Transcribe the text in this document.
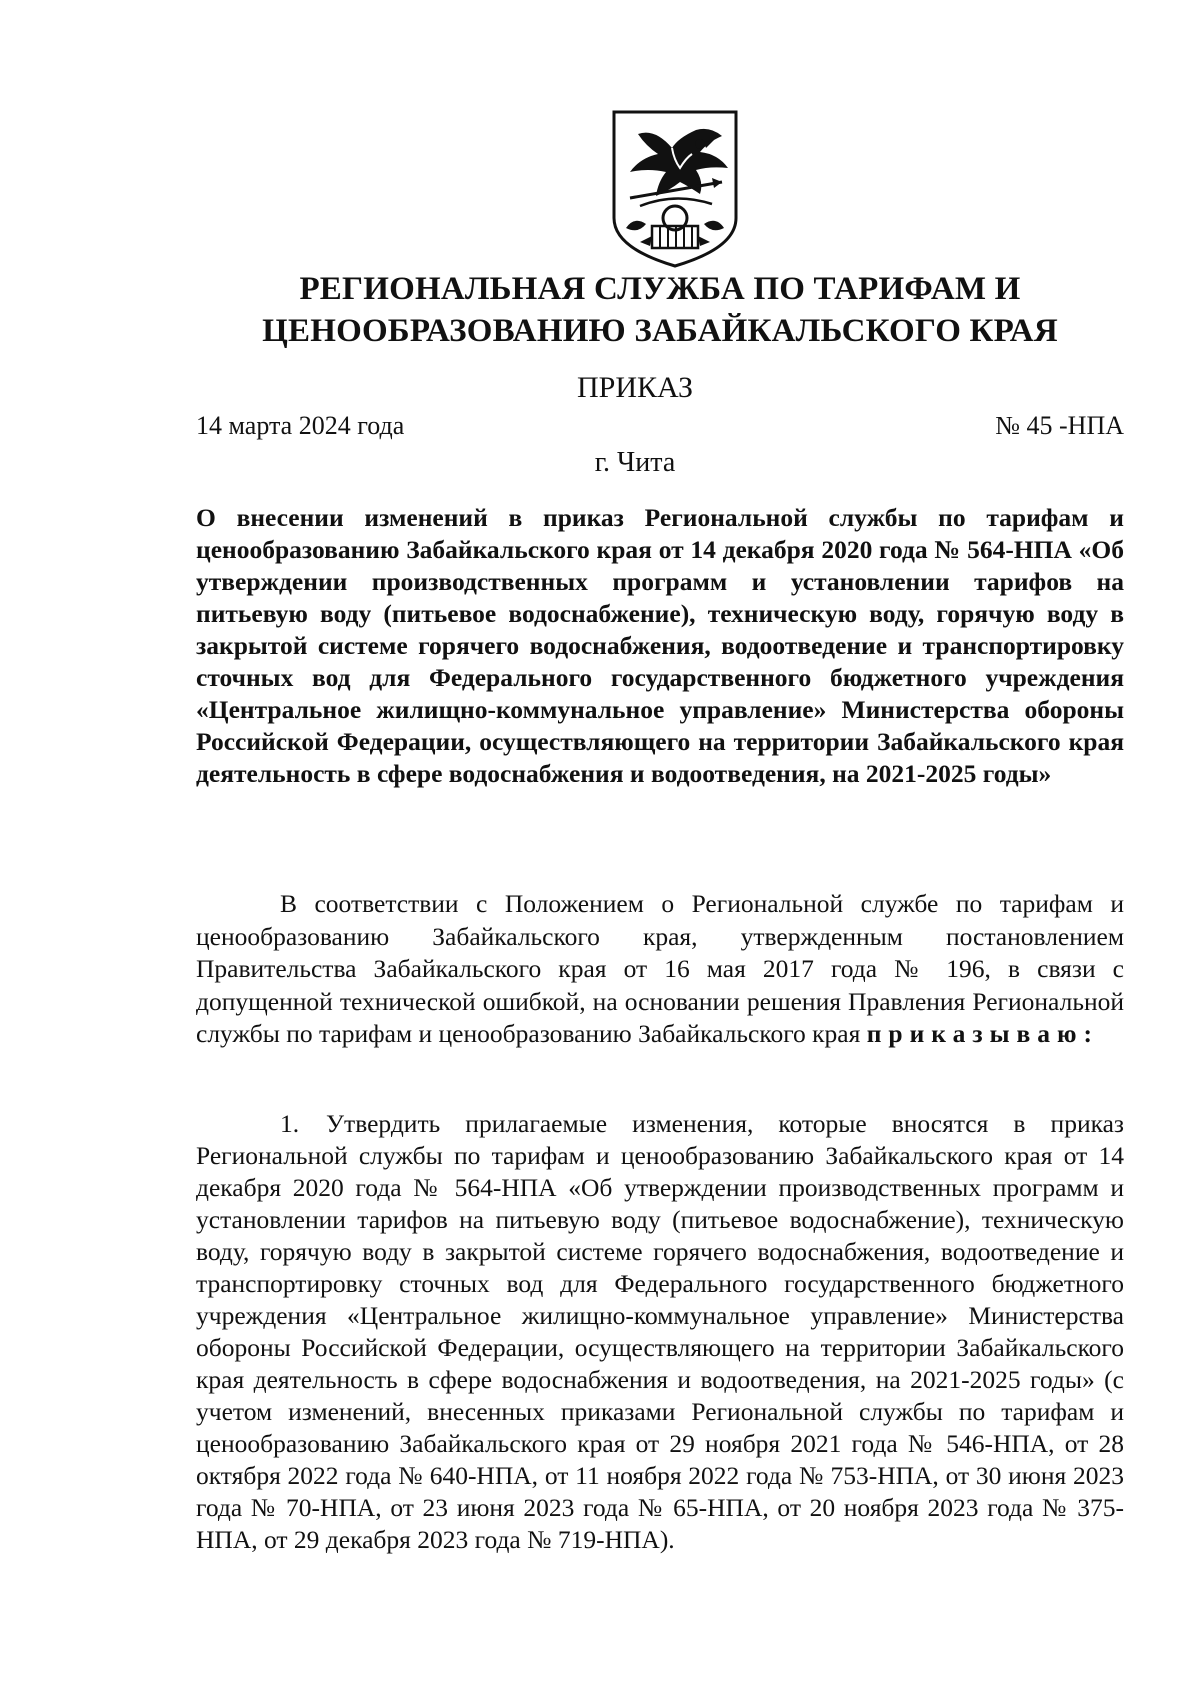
РЕГИОНАЛЬНАЯ СЛУЖБА ПО ТАРИФАМ И
ЦЕНООБРАЗОВАНИЮ ЗАБАЙКАЛЬСКОГО КРАЯ
ПРИКАЗ
14 марта 2024 года	№ 45 -НПА
г. Чита
О внесении изменений в приказ Региональной службы по тарифам и ценообразованию Забайкальского края от 14 декабря 2020 года № 564-НПА «Об утверждении производственных программ и установлении тарифов на питьевую воду (питьевое водоснабжение), техническую воду, горячую воду в закрытой системе горячего водоснабжения, водоотведение и транспортировку сточных вод для Федерального государственного бюджетного учреждения «Центральное жилищно-коммунальное управление» Министерства обороны Российской Федерации, осуществляющего на территории Забайкальского края деятельность в сфере водоснабжения и водоотведения, на 2021-2025 годы»

В соответствии с Положением о Региональной службе по тарифам и ценообразованию Забайкальского края, утвержденным постановлением Правительства Забайкальского края от 16 мая 2017 года № 196, в связи с допущенной технической ошибкой, на основании решения Правления Региональной службы по тарифам и ценообразованию Забайкальского края приказываю:

1. Утвердить прилагаемые изменения, которые вносятся в приказ Региональной службы по тарифам и ценообразованию Забайкальского края от 14 декабря 2020 года № 564-НПА «Об утверждении производственных программ и установлении тарифов на питьевую воду (питьевое водоснабжение), техническую воду, горячую воду в закрытой системе горячего водоснабжения, водоотведение и транспортировку сточных вод для Федерального государственного бюджетного учреждения «Центральное жилищно-коммунальное управление» Министерства обороны Российской Федерации, осуществляющего на территории Забайкальского края деятельность в сфере водоснабжения и водоотведения, на 2021-2025 годы» (с учетом изменений, внесенных приказами Региональной службы по тарифам и ценообразованию Забайкальского края от 29 ноября 2021 года № 546-НПА, от 28 октября 2022 года № 640-НПА, от 11 ноября 2022 года № 753-НПА, от 30 июня 2023 года № 70-НПА, от 23 июня 2023 года № 65-НПА, от 20 ноября 2023 года № 375-НПА, от 29 декабря 2023 года № 719-НПА).
